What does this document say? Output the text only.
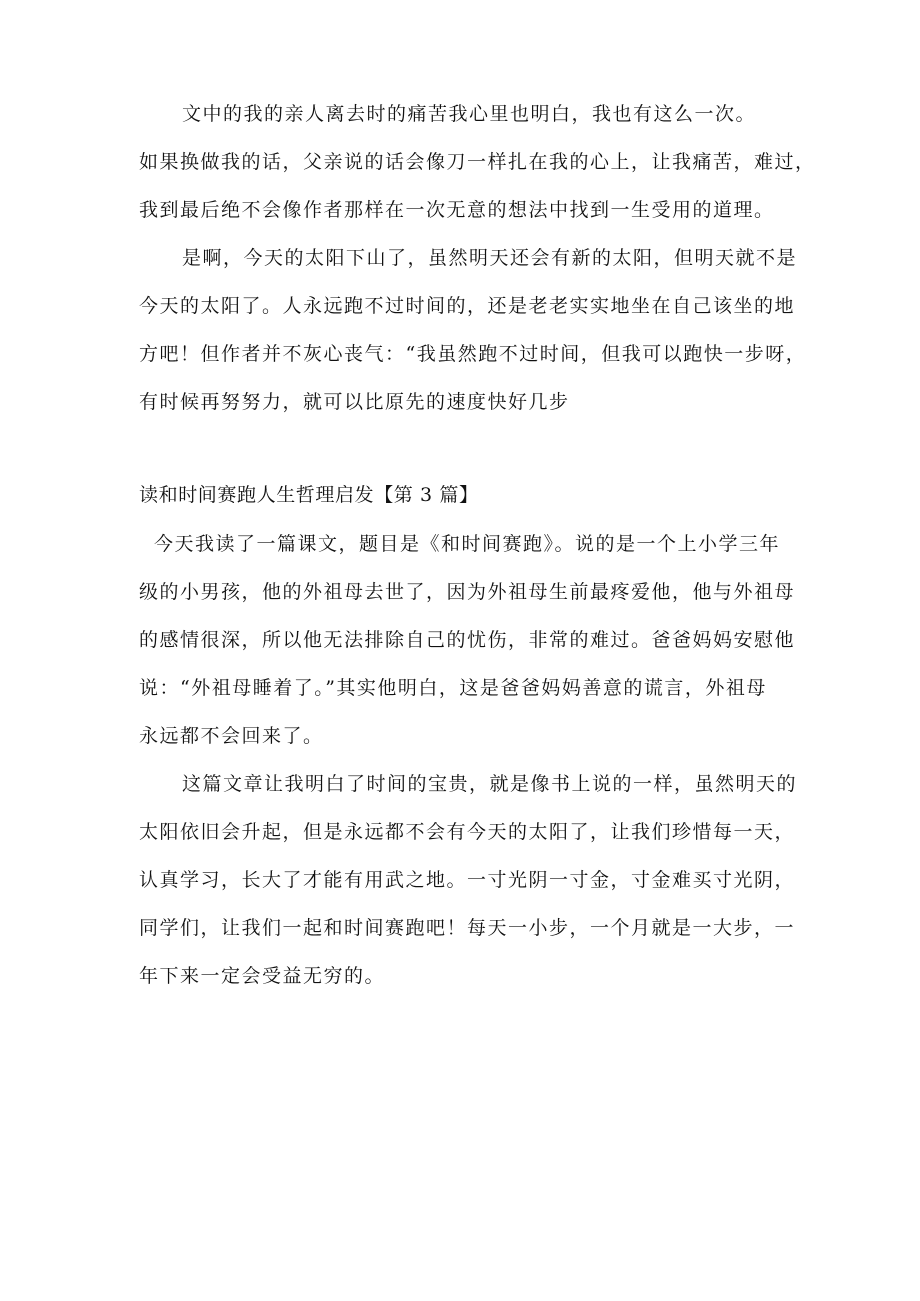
文中的我的亲人离去时的痛苦我心里也明白，我也有这么一次。
如果换做我的话，父亲说的话会像刀一样扎在我的心上，让我痛苦，难过，
我到最后绝不会像作者那样在一次无意的想法中找到一生受用的道理。
是啊，今天的太阳下山了，虽然明天还会有新的太阳，但明天就不是
今天的太阳了。人永远跑不过时间的，还是老老实实地坐在自己该坐的地
方吧！但作者并不灰心丧气：“我虽然跑不过时间，但我可以跑快一步呀，
有时候再努努力，就可以比原先的速度快好几步
读和时间赛跑人生哲理启发【第 3 篇】
今天我读了一篇课文，题目是《和时间赛跑》。说的是一个上小学三年
级的小男孩，他的外祖母去世了，因为外祖母生前最疼爱他，他与外祖母
的感情很深，所以他无法排除自己的忧伤，非常的难过。爸爸妈妈安慰他
说：“外祖母睡着了。”其实他明白，这是爸爸妈妈善意的谎言，外祖母
永远都不会回来了。
这篇文章让我明白了时间的宝贵，就是像书上说的一样，虽然明天的
太阳依旧会升起，但是永远都不会有今天的太阳了，让我们珍惜每一天，
认真学习，长大了才能有用武之地。一寸光阴一寸金，寸金难买寸光阴，
同学们，让我们一起和时间赛跑吧！每天一小步，一个月就是一大步，一
年下来一定会受益无穷的。
